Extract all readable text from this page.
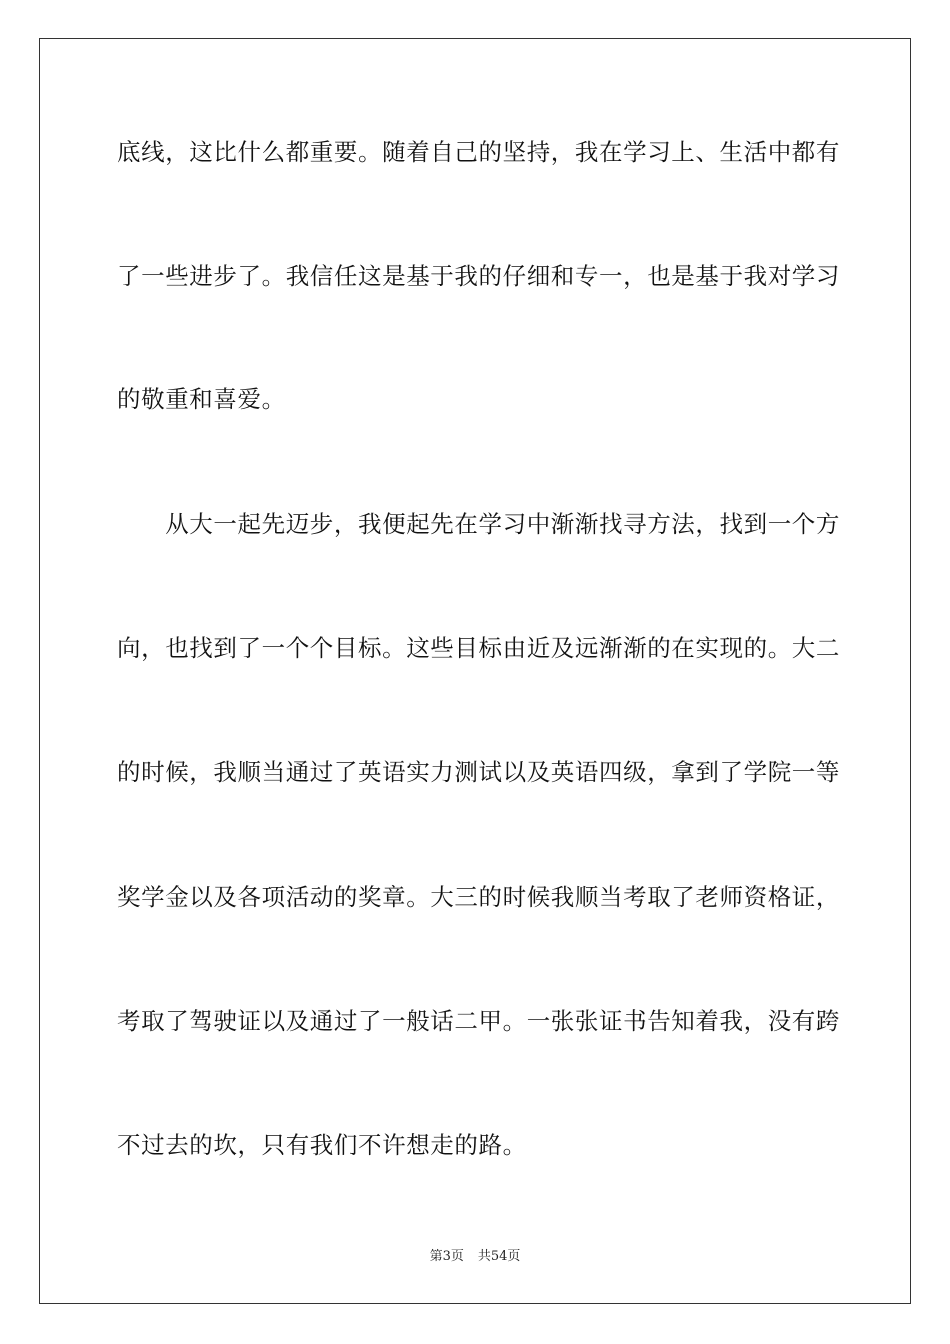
底线，这比什么都重要。随着自己的坚持，我在学习上、生活中都有
了一些进步了。我信任这是基于我的仔细和专一，也是基于我对学习
的敬重和喜爱。
　　从大一起先迈步，我便起先在学习中渐渐找寻方法，找到一个方
向，也找到了一个个目标。这些目标由近及远渐渐的在实现的。大二
的时候，我顺当通过了英语实力测试以及英语四级，拿到了学院一等
奖学金以及各项活动的奖章。大三的时候我顺当考取了老师资格证，
考取了驾驶证以及通过了一般话二甲。一张张证书告知着我，没有跨
不过去的坎，只有我们不许想走的路。
第3页 共54页
